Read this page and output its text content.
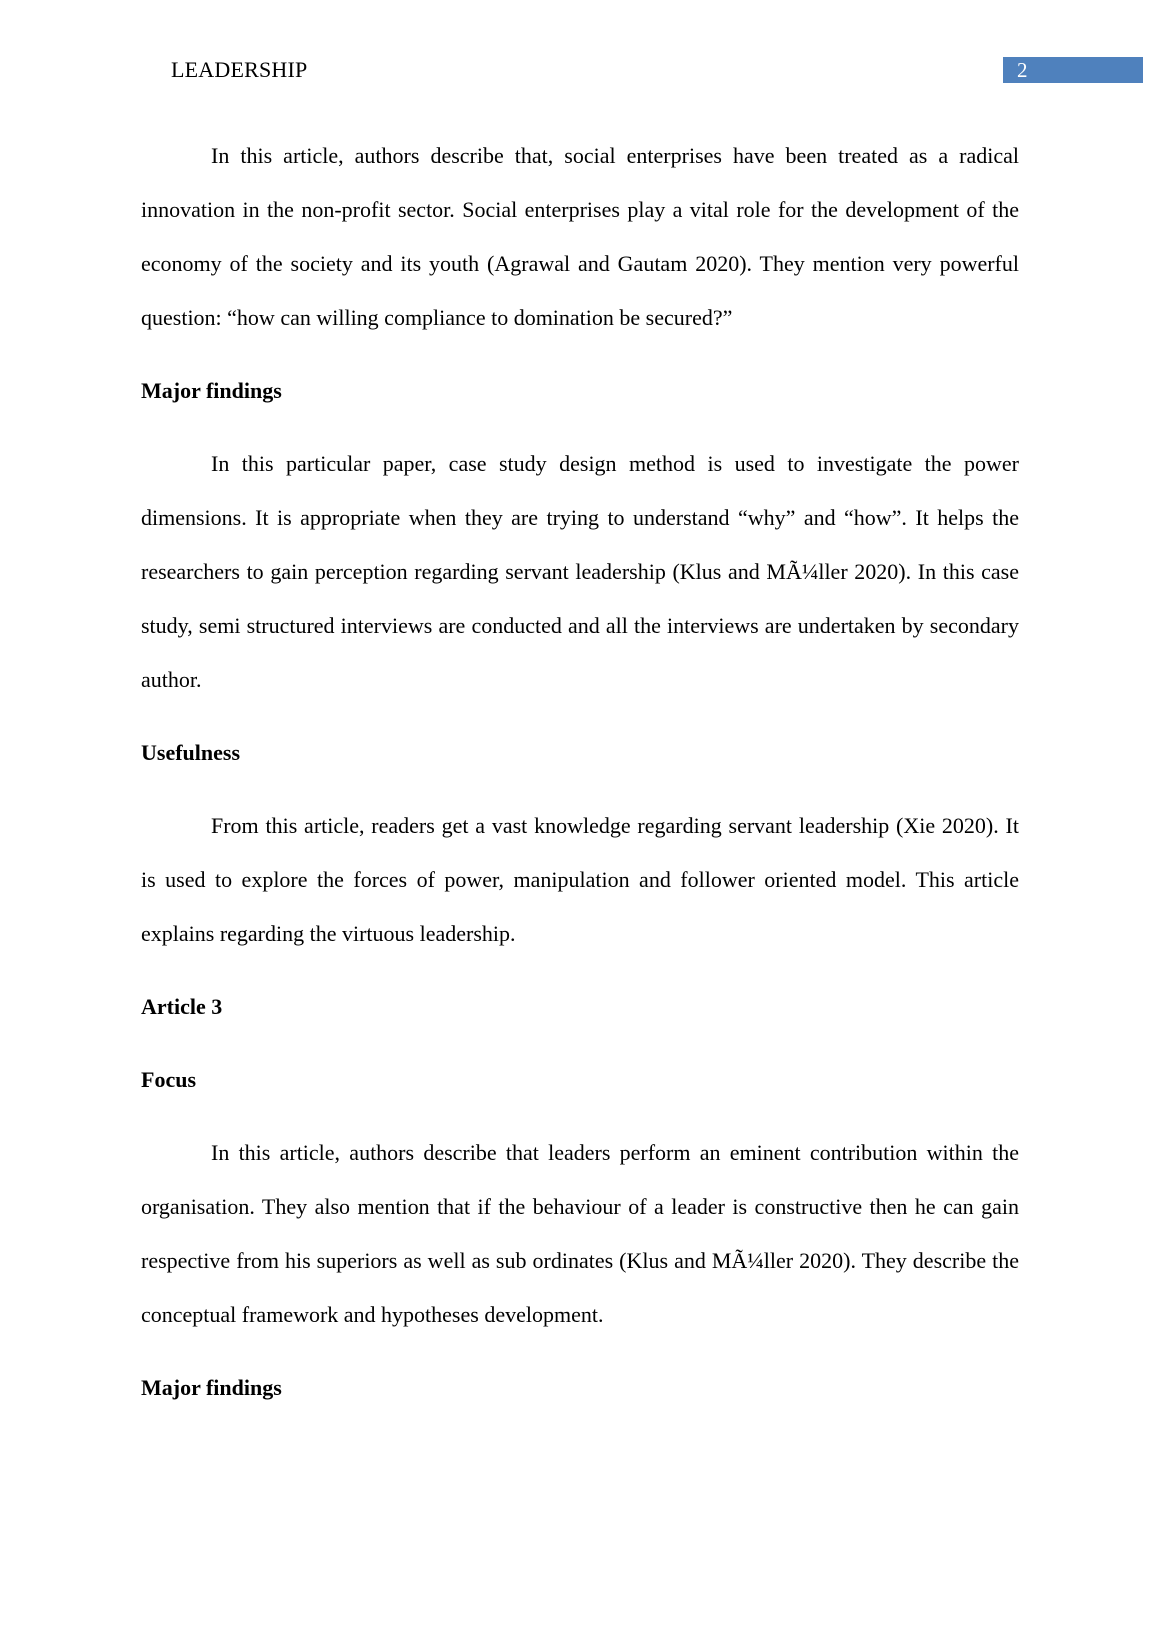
LEADERSHIP	2

In this article, authors describe that, social enterprises have been treated as a radical innovation in the non-profit sector. Social enterprises play a vital role for the development of the economy of the society and its youth (Agrawal and Gautam 2020). They mention very powerful question: “how can willing compliance to domination be secured?”

Major findings

In this particular paper, case study design method is used to investigate the power dimensions. It is appropriate when they are trying to understand “why” and “how”. It helps the researchers to gain perception regarding servant leadership (Klus and MÃ¼ller 2020). In this case study, semi structured interviews are conducted and all the interviews are undertaken by secondary author.

Usefulness

From this article, readers get a vast knowledge regarding servant leadership (Xie 2020). It is used to explore the forces of power, manipulation and follower oriented model. This article explains regarding the virtuous leadership.

Article 3

Focus

In this article, authors describe that leaders perform an eminent contribution within the organisation. They also mention that if the behaviour of a leader is constructive then he can gain respective from his superiors as well as sub ordinates (Klus and MÃ¼ller 2020). They describe the conceptual framework and hypotheses development.

Major findings
